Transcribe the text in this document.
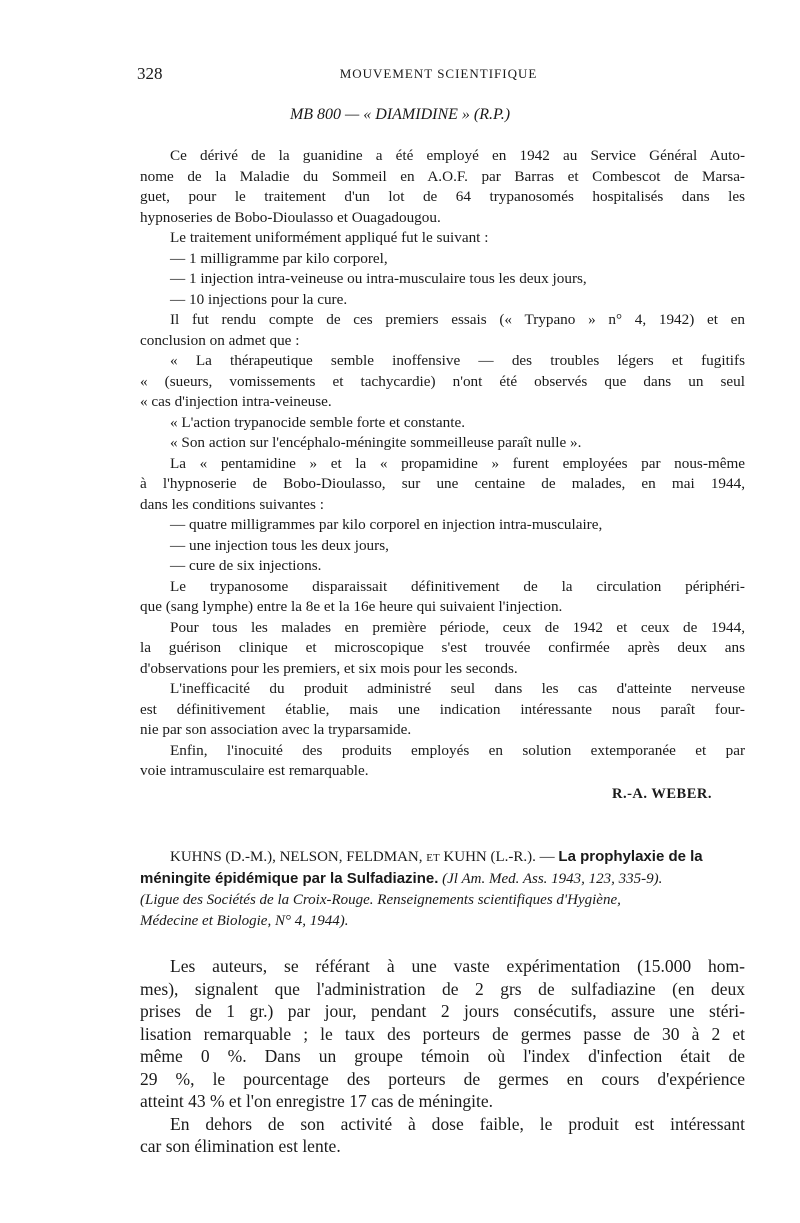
328	MOUVEMENT SCIENTIFIQUE
MB 800 — « DIAMIDINE » (R.P.)
Ce dérivé de la guanidine a été employé en 1942 au Service Général Auto-
nome de la Maladie du Sommeil en A.O.F. par Barras et Combescot de Marsa-
guet, pour le traitement d'un lot de 64 trypanosomés hospitalisés dans les
hypnoseries de Bobo-Dioulasso et Ouagadougou.
Le traitement uniformément appliqué fut le suivant :
— 1 milligramme par kilo corporel,
— 1 injection intra-veineuse ou intra-musculaire tous les deux jours,
— 10 injections pour la cure.
Il fut rendu compte de ces premiers essais (« Trypano » n° 4, 1942) et en
conclusion on admet que :
« La thérapeutique semble inoffensive — des troubles légers et fugitifs
« (sueurs, vomissements et tachycardie) n'ont été observés que dans un seul
« cas d'injection intra-veineuse.
« L'action trypanocide semble forte et constante.
« Son action sur l'encéphalo-méningite sommeilleuse paraît nulle ».
La « pentamidine » et la « propamidine » furent employées par nous-même
à l'hypnoserie de Bobo-Dioulasso, sur une centaine de malades, en mai 1944,
dans les conditions suivantes :
— quatre milligrammes par kilo corporel en injection intra-musculaire,
— une injection tous les deux jours,
— cure de six injections.
Le trypanosome disparaissait définitivement de la circulation périphéri-
que (sang lymphe) entre la 8e et la 16e heure qui suivaient l'injection.
Pour tous les malades en première période, ceux de 1942 et ceux de 1944,
la guérison clinique et microscopique s'est trouvée confirmée après deux ans
d'observations pour les premiers, et six mois pour les seconds.
L'inefficacité du produit administré seul dans les cas d'atteinte nerveuse
est définitivement établie, mais une indication intéressante nous paraît four-
nie par son association avec la tryparsamide.
Enfin, l'inocuité des produits employés en solution extemporanée et par
voie intramusculaire est remarquable.
R.-A. WEBER.
KUHNS (D.-M.), NELSON, FELDMAN, et KUHN (L.-R.). — La prophylaxie de la
méningite épidémique par la Sulfadiazine. (Jl Am. Med. Ass. 1943, 123, 335-9).
(Ligue des Sociétés de la Croix-Rouge. Renseignements scientifiques d'Hygiène,
Médecine et Biologie, N° 4, 1944).
Les auteurs, se référant à une vaste expérimentation (15.000 hom-
mes), signalent que l'administration de 2 grs de sulfadiazine (en deux
prises de 1 gr.) par jour, pendant 2 jours consécutifs, assure une stéri-
lisation remarquable ; le taux des porteurs de germes passe de 30 à 2 et
même 0 %. Dans un groupe témoin où l'index d'infection était de
29 %, le pourcentage des porteurs de germes en cours d'expérience
atteint 43 % et l'on enregistre 17 cas de méningite.
En dehors de son activité à dose faible, le produit est intéressant
car son élimination est lente.
